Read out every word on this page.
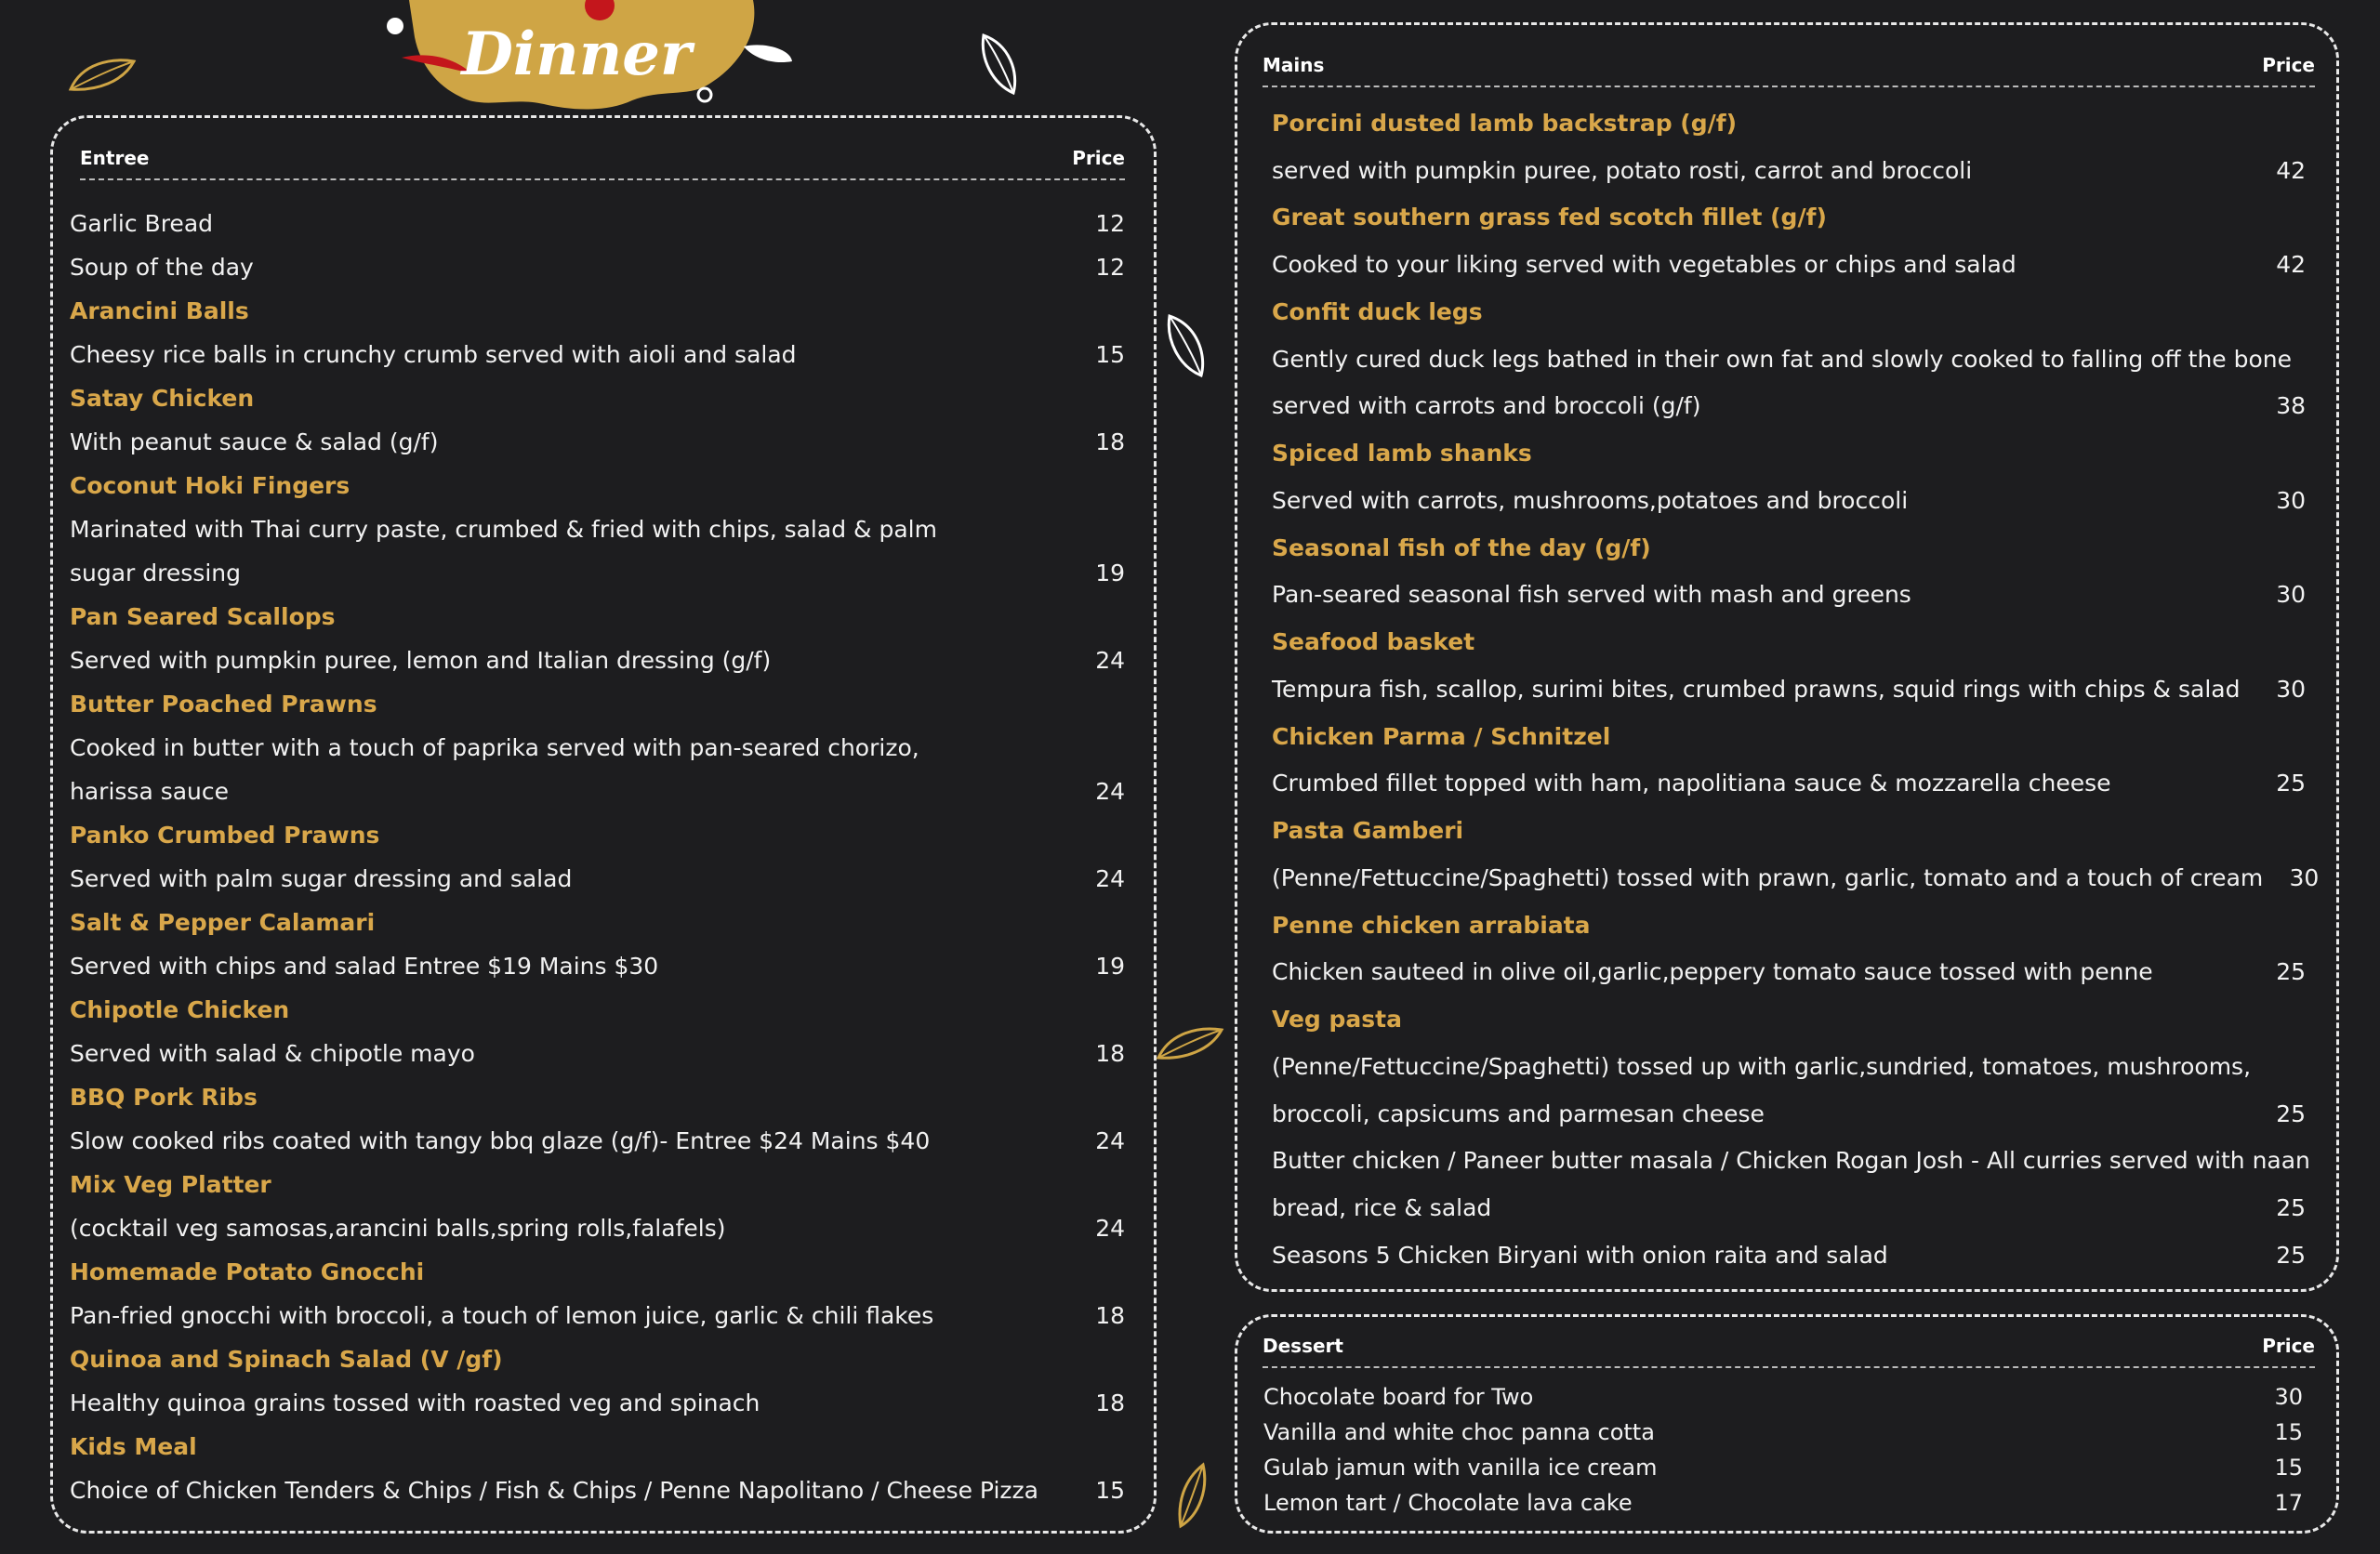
Dinner
Entree	Price
Garlic Bread	12
Soup of the day	12
Arancini Balls
Cheesy rice balls in crunchy crumb served with aioli and salad	15
Satay Chicken
With peanut sauce & salad (g/f)	18
Coconut Hoki Fingers
Marinated with Thai curry paste, crumbed & fried with chips, salad & palm
sugar dressing	19
Pan Seared Scallops
Served with pumpkin puree, lemon and Italian dressing (g/f)	24
Butter Poached Prawns
Cooked in butter with a touch of paprika served with pan-seared chorizo,
harissa sauce	24
Panko Crumbed Prawns
Served with palm sugar dressing and salad	24
Salt & Pepper Calamari
Served with chips and salad Entree $19 Mains $30	19
Chipotle Chicken
Served with salad & chipotle mayo	18
BBQ Pork Ribs
Slow cooked ribs coated with tangy bbq glaze (g/f)- Entree $24 Mains $40	24
Mix Veg Platter
(cocktail veg samosas,arancini balls,spring rolls,falafels)	24
Homemade Potato Gnocchi
Pan-fried gnocchi with broccoli, a touch of lemon juice, garlic & chili flakes	18
Quinoa and Spinach Salad (V /gf)
Healthy quinoa grains tossed with roasted veg and spinach	18
Kids Meal
Choice of Chicken Tenders & Chips / Fish & Chips / Penne Napolitano / Cheese Pizza	15
Mains	Price
Porcini dusted lamb backstrap (g/f)
served with pumpkin puree, potato rosti, carrot and broccoli	42
Great southern grass fed scotch fillet (g/f)
Cooked to your liking served with vegetables or chips and salad	42
Confit duck legs
Gently cured duck legs bathed in their own fat and slowly cooked to falling off the bone
served with carrots and broccoli (g/f)	38
Spiced lamb shanks
Served with carrots, mushrooms,potatoes and broccoli	30
Seasonal fish of the day (g/f)
Pan-seared seasonal fish served with mash and greens	30
Seafood basket
Tempura fish, scallop, surimi bites, crumbed prawns, squid rings with chips & salad	30
Chicken Parma / Schnitzel
Crumbed fillet topped with ham, napolitiana sauce & mozzarella cheese	25
Pasta Gamberi
(Penne/Fettuccine/Spaghetti) tossed with prawn, garlic, tomato and a touch of cream	30
Penne chicken arrabiata
Chicken sauteed in olive oil,garlic,peppery tomato sauce tossed with penne	25
Veg pasta
(Penne/Fettuccine/Spaghetti) tossed up with garlic,sundried, tomatoes, mushrooms,
broccoli, capsicums and parmesan cheese	25
Butter chicken / Paneer butter masala / Chicken Rogan Josh - All curries served with naan
bread, rice & salad	25
Seasons 5 Chicken Biryani with onion raita and salad	25
Dessert	Price
Chocolate board for Two	30
Vanilla and white choc panna cotta	15
Gulab jamun with vanilla ice cream	15
Lemon tart / Chocolate lava cake	17
